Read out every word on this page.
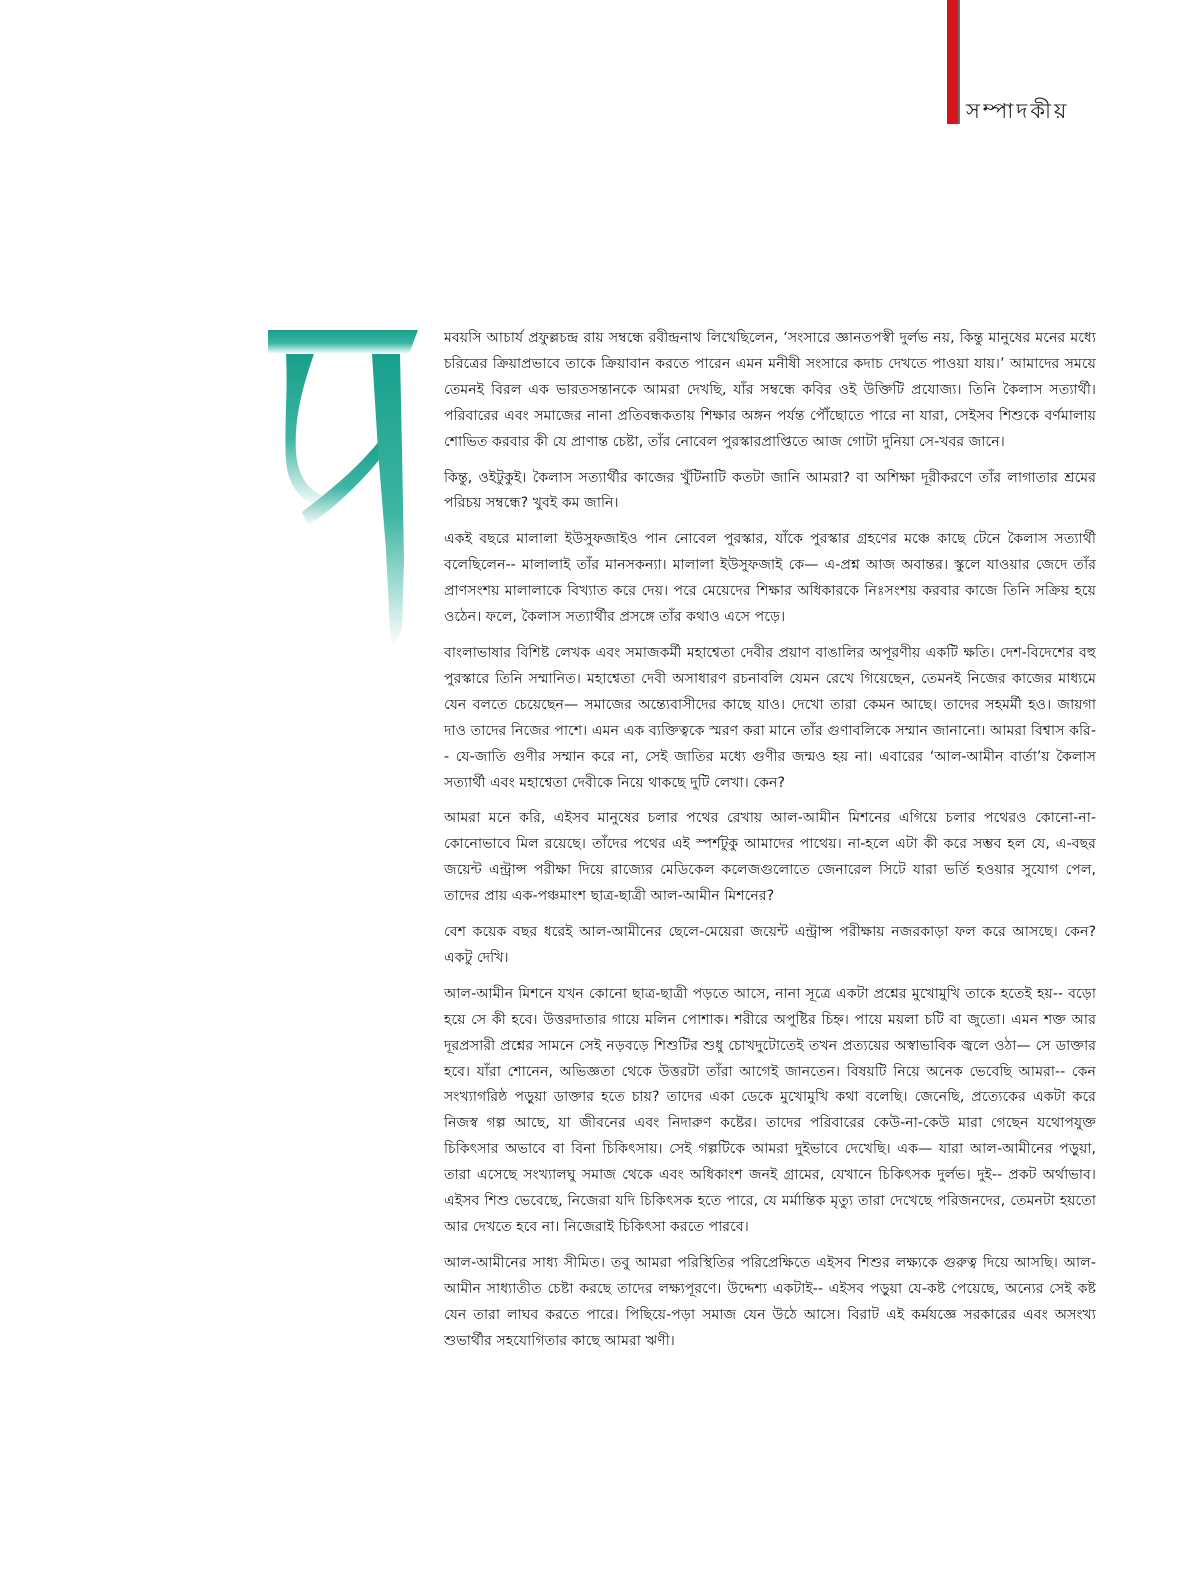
সম্পাদকীয়

মবয়সি আচার্য প্রফুল্লচন্দ্র রায় সম্বন্ধে রবীন্দ্রনাথ লিখেছিলেন, ‘সংসারে জ্ঞানতপস্বী দুর্লভ নয়, কিন্তু মানুষের মনের মধ্যে চরিত্রের ক্রিয়াপ্রভাবে তাকে ক্রিয়াবান করতে পারেন এমন মনীষী সংসারে কদাচ দেখতে পাওয়া যায়।’ আমাদের সময়ে তেমনই বিরল এক ভারতসন্তানকে আমরা দেখছি, যাঁর সম্বন্ধে কবির ওই উক্তিটি প্রযোজ্য। তিনি কৈলাস সত্যার্থী। পরিবারের এবং সমাজের নানা প্রতিবন্ধকতায় শিক্ষার অঙ্গন পর্যন্ত পৌঁছোতে পারে না যারা, সেইসব শিশুকে বর্ণমালায় শোভিত করবার কী যে প্রাণান্ত চেষ্টা, তাঁর নোবেল পুরস্কারপ্রাপ্তিতে আজ গোটা দুনিয়া সে-খবর জানে।

কিন্তু, ওইটুকুই। কৈলাস সত্যার্থীর কাজের খুঁটিনাটি কতটা জানি আমরা? বা অশিক্ষা দূরীকরণে তাঁর লাগাতার শ্রমের পরিচয় সম্বন্ধে? খুবই কম জানি।

একই বছরে মালালা ইউসুফজাইও পান নোবেল পুরস্কার, যাঁকে পুরস্কার গ্রহণের মঞ্চে কাছে টেনে কৈলাস সত্যার্থী বলেছিলেন-- মালালাই তাঁর মানসকন্যা। মালালা ইউসুফজাই কে— এ-প্রশ্ন আজ অবান্তর। স্কুলে যাওয়ার জেদে তাঁর প্রাণসংশয় মালালাকে বিখ্যাত করে দেয়। পরে মেয়েদের শিক্ষার অধিকারকে নিঃসংশয় করবার কাজে তিনি সক্রিয় হয়ে ওঠেন। ফলে, কৈলাস সত্যার্থীর প্রসঙ্গে তাঁর কথাও এসে পড়ে।

বাংলাভাষার বিশিষ্ট লেখক এবং সমাজকর্মী মহাশ্বেতা দেবীর প্রয়াণ বাঙালির অপূরণীয় একটি ক্ষতি। দেশ-বিদেশের বহু পুরস্কারে তিনি সম্মানিত। মহাশ্বেতা দেবী অসাধারণ রচনাবলি যেমন রেখে গিয়েছেন, তেমনই নিজের কাজের মাধ্যমে যেন বলতে চেয়েছেন— সমাজের অন্ত্যেবাসীদের কাছে যাও। দেখো তারা কেমন আছে। তাদের সহমর্মী হও। জায়গা দাও তাদের নিজের পাশে। এমন এক ব্যক্তিত্বকে স্মরণ করা মানে তাঁর গুণাবলিকে সম্মান জানানো। আমরা বিশ্বাস করি-- যে-জাতি গুণীর সম্মান করে না, সেই জাতির মধ্যে গুণীর জন্মও হয় না। এবারের ‘আল-আমীন বার্তা’য় কৈলাস সত্যার্থী এবং মহাশ্বেতা দেবীকে নিয়ে থাকছে দুটি লেখা। কেন?

আমরা মনে করি, এইসব মানুষের চলার পথের রেখায় আল-আমীন মিশনের এগিয়ে চলার পথেরও কোনো-না-কোনোভাবে মিল রয়েছে। তাঁদের পথের এই স্পর্শটুকু আমাদের পাথেয়। না-হলে এটা কী করে সম্ভব হল যে, এ-বছর জয়েন্ট এন্ট্রান্স পরীক্ষা দিয়ে রাজ্যের মেডিকেল কলেজগুলোতে জেনারেল সিটে যারা ভর্তি হওয়ার সুযোগ পেল, তাদের প্রায় এক-পঞ্চমাংশ ছাত্র-ছাত্রী আল-আমীন মিশনের?

বেশ কয়েক বছর ধরেই আল-আমীনের ছেলে-মেয়েরা জয়েন্ট এন্ট্রান্স পরীক্ষায় নজরকাড়া ফল করে আসছে। কেন? একটু দেখি।

আল-আমীন মিশনে যখন কোনো ছাত্র-ছাত্রী পড়তে আসে, নানা সূত্রে একটা প্রশ্নের মুখোমুখি তাকে হতেই হয়-- বড়ো হয়ে সে কী হবে। উত্তরদাতার গায়ে মলিন পোশাক। শরীরে অপুষ্টির চিহ্ন। পায়ে ময়লা চটি বা জুতো। এমন শক্ত আর দূরপ্রসারী প্রশ্নের সামনে সেই নড়বড়ে শিশুটির শুধু চোখদুটোতেই তখন প্রত্যয়ের অস্বাভাবিক জ্বলে ওঠা— সে ডাক্তার হবে। যাঁরা শোনেন, অভিজ্ঞতা থেকে উত্তরটা তাঁরা আগেই জানতেন। বিষয়টি নিয়ে অনেক ভেবেছি আমরা-- কেন সংখ্যাগরিষ্ঠ পড়ুয়া ডাক্তার হতে চায়? তাদের একা ডেকে মুখোমুখি কথা বলেছি। জেনেছি, প্রত্যেকের একটা করে নিজস্ব গল্প আছে, যা জীবনের এবং নিদারুণ কষ্টের। তাদের পরিবারের কেউ-না-কেউ মারা গেছেন যথোপযুক্ত চিকিৎসার অভাবে বা বিনা চিকিৎসায়। সেই গল্পটিকে আমরা দুইভাবে দেখেছি। এক— যারা আল-আমীনের পড়ুয়া, তারা এসেছে সংখ্যালঘু সমাজ থেকে এবং অধিকাংশ জনই গ্রামের, যেখানে চিকিৎসক দুর্লভ। দুই-- প্রকট অর্থাভাব। এইসব শিশু ভেবেছে, নিজেরা যদি চিকিৎসক হতে পারে, যে মর্মান্তিক মৃত্যু তারা দেখেছে পরিজনদের, তেমনটা হয়তো আর দেখতে হবে না। নিজেরাই চিকিৎসা করতে পারবে।

আল-আমীনের সাধ্য সীমিত। তবু আমরা পরিস্থিতির পরিপ্রেক্ষিতে এইসব শিশুর লক্ষ্যকে গুরুত্ব দিয়ে আসছি। আল-আমীন সাধ্যাতীত চেষ্টা করছে তাদের লক্ষ্যপূরণে। উদ্দেশ্য একটাই-- এইসব পড়ুয়া যে-কষ্ট পেয়েছে, অন্যের সেই কষ্ট যেন তারা লাঘব করতে পারে। পিছিয়ে-পড়া সমাজ যেন উঠে আসে। বিরাট এই কর্মযজ্ঞে সরকারের এবং অসংখ্য শুভার্থীর সহযোগিতার কাছে আমরা ঋণী।
